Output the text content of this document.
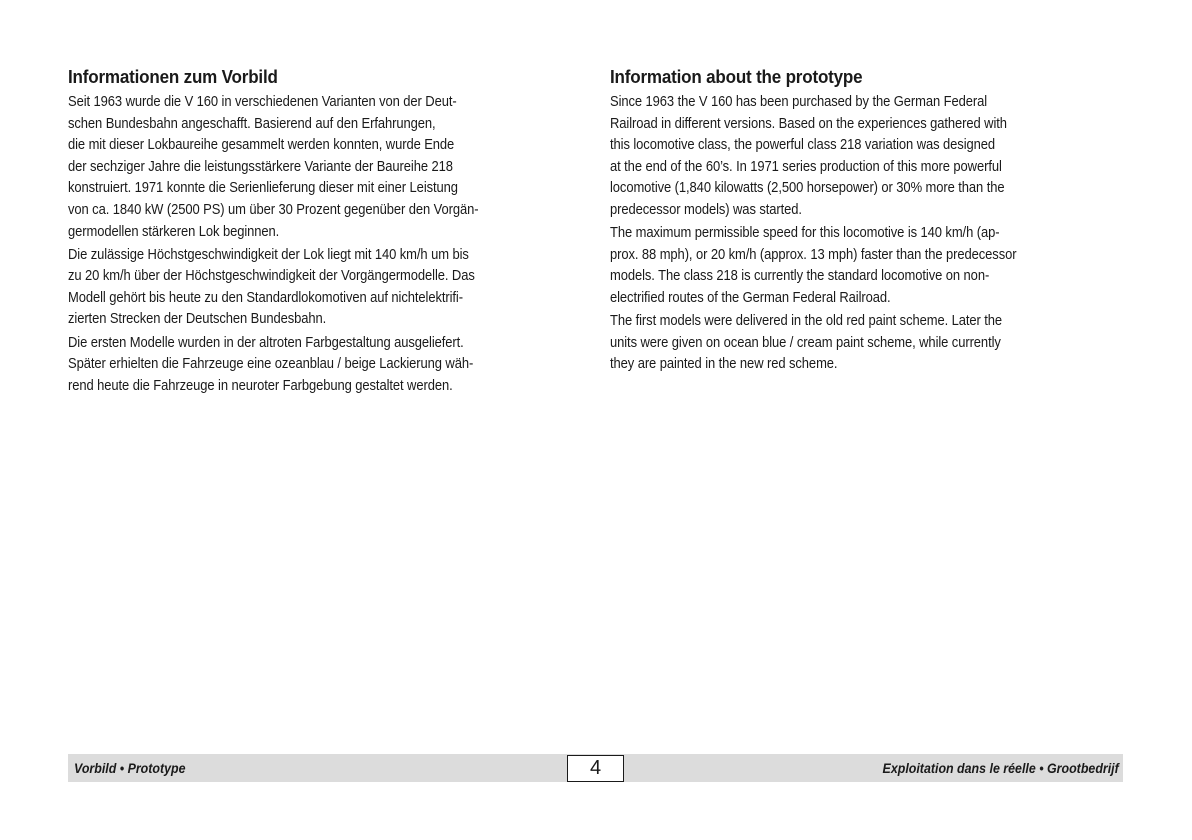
Informationen zum Vorbild
Seit 1963 wurde die V 160 in verschiedenen Varianten von der Deut-
schen Bundesbahn angeschafft. Basierend auf den Erfahrungen,
die mit dieser Lokbaureihe gesammelt werden konnten, wurde Ende
der sechziger Jahre die leistungsstärkere Variante der Baureihe 218
konstruiert. 1971 konnte die Serienlieferung dieser mit einer Leistung
von ca. 1840 kW (2500 PS) um über 30 Prozent gegenüber den Vorgän-
germodellen stärkeren Lok beginnen.
Die zulässige Höchstgeschwindigkeit der Lok liegt mit 140 km/h um bis
zu 20 km/h über der Höchstgeschwindigkeit der Vorgängermodelle. Das
Modell gehört bis heute zu den Standardlokomotiven auf nichtelektrifi-
zierten Strecken der Deutschen Bundesbahn.
Die ersten Modelle wurden in der altroten Farbgestaltung ausgeliefert.
Später erhielten die Fahrzeuge eine ozeanblau / beige Lackierung wäh-
rend heute die Fahrzeuge in neuroter Farbgebung gestaltet werden.
Information about the prototype
Since 1963 the V 160 has been purchased by the German Federal
Railroad in different versions. Based on the experiences gathered with
this locomotive class, the powerful class 218 variation was designed
at the end of the 60’s. In 1971 series production of this more powerful
locomotive (1,840 kilowatts (2,500 horsepower) or 30% more than the
predecessor models) was started.
The maximum permissible speed for this locomotive is 140 km/h (ap-
prox. 88 mph), or 20 km/h (approx. 13 mph) faster than the predecessor
models. The class 218 is currently the standard locomotive on non-
electrified routes of the German Federal Railroad.
The first models were delivered in the old red paint scheme. Later the
units were given on ocean blue / cream paint scheme, while currently
they are painted in the new red scheme.
Vorbild • Prototype	4	Exploitation dans le réelle • Grootbedrijf
